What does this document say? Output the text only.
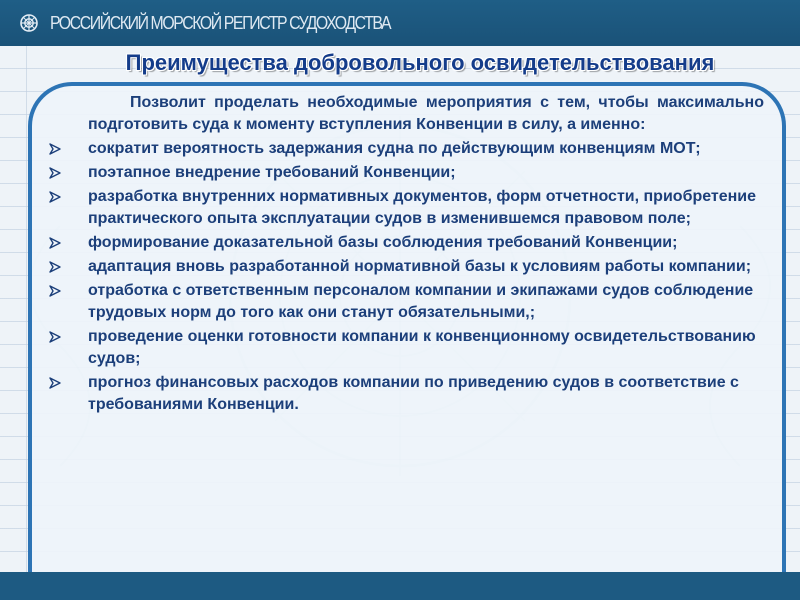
РОССИЙСКИЙ МОРСКОЙ РЕГИСТР СУДОХОДСТВА
Преимущества добровольного освидетельствования

Позволит проделать необходимые мероприятия с тем, чтобы максимально подготовить суда к моменту вступления Конвенции в силу, а именно:

сократит вероятность задержания судна по действующим конвенциям МОТ;
поэтапное внедрение требований Конвенции;
разработка внутренних нормативных документов, форм отчетности, приобретение практического опыта эксплуатации судов в изменившемся правовом поле;
формирование доказательной базы соблюдения требований Конвенции;
адаптация вновь разработанной нормативной базы к условиям работы компании;
отработка с ответственным персоналом компании и экипажами судов соблюдение трудовых норм до того как они станут обязательными,;
проведение оценки готовности компании к конвенционному освидетельствованию судов;
прогноз финансовых расходов компании по приведению судов в соответствие с требованиями Конвенции.
